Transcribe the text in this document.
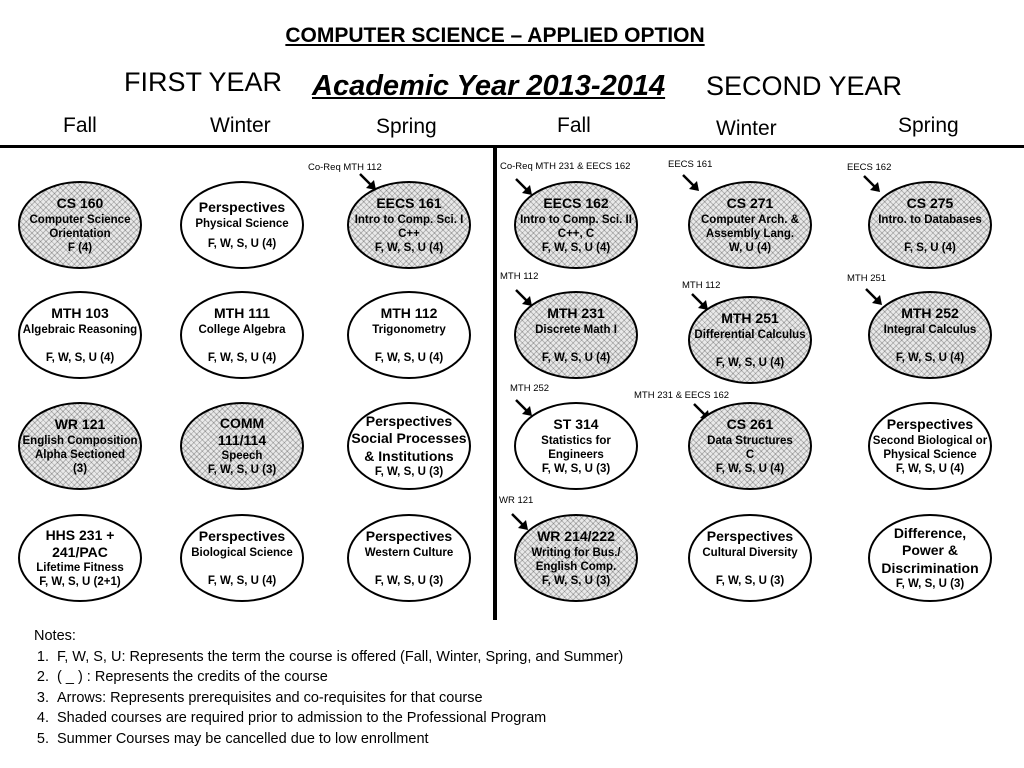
COMPUTER SCIENCE – APPLIED OPTION
FIRST YEAR Academic Year 2013-2014 SECOND YEAR
Fall	Winter	Spring	Fall	Winter	Spring
Co-Req MTH 112	Co-Req MTH 231 & EECS 162	EECS 161	EECS 162
MTH 112
MTH 112
MTH 251
MTH 252
MTH 231 & EECS 162
WR 121
CS 160
Computer Science
Orientation
F (4)
Perspectives
Physical Science
F, W, S, U (4)
EECS 161
Intro to Comp. Sci. I
C++
F, W, S, U (4)
EECS 162
Intro to Comp. Sci. II
C++, C
F, W, S, U (4)
CS 271
Computer Arch. &
Assembly Lang.
W, U (4)
CS 275
Intro. to Databases
F, S, U (4)
MTH 103
Algebraic Reasoning
F, W, S, U (4)
MTH 111
College Algebra
F, W, S, U (4)
MTH 112
Trigonometry
F, W, S, U (4)
MTH 231
Discrete Math I
F, W, S, U (4)
MTH 251
Differential Calculus
F, W, S, U (4)
MTH 252
Integral Calculus
F, W, S, U (4)
WR 121
English Composition
Alpha Sectioned
(3)
COMM
111/114
Speech
F, W, S, U (3)
Perspectives
Social Processes
& Institutions
F, W, S, U (3)
ST 314
Statistics for
Engineers
F, W, S, U (3)
CS 261
Data Structures
C
F, W, S, U (4)
Perspectives
Second Biological or
Physical Science
F, W, S, U (4)
HHS 231 +
241/PAC
Lifetime Fitness
F, W, S, U (2+1)
Perspectives
Biological Science
F, W, S, U (4)
Perspectives
Western Culture
F, W, S, U (3)
WR 214/222
Writing for Bus./
English Comp.
F, W, S, U (3)
Perspectives
Cultural Diversity
F, W, S, U (3)
Difference,
Power &
Discrimination
F, W, S, U (3)
Notes:
1. F, W, S, U: Represents the term the course is offered (Fall, Winter, Spring, and Summer)
2. ( _ ) : Represents the credits of the course
3. Arrows: Represents prerequisites and co-requisites for that course
4. Shaded courses are required prior to admission to the Professional Program
5. Summer Courses may be cancelled due to low enrollment
